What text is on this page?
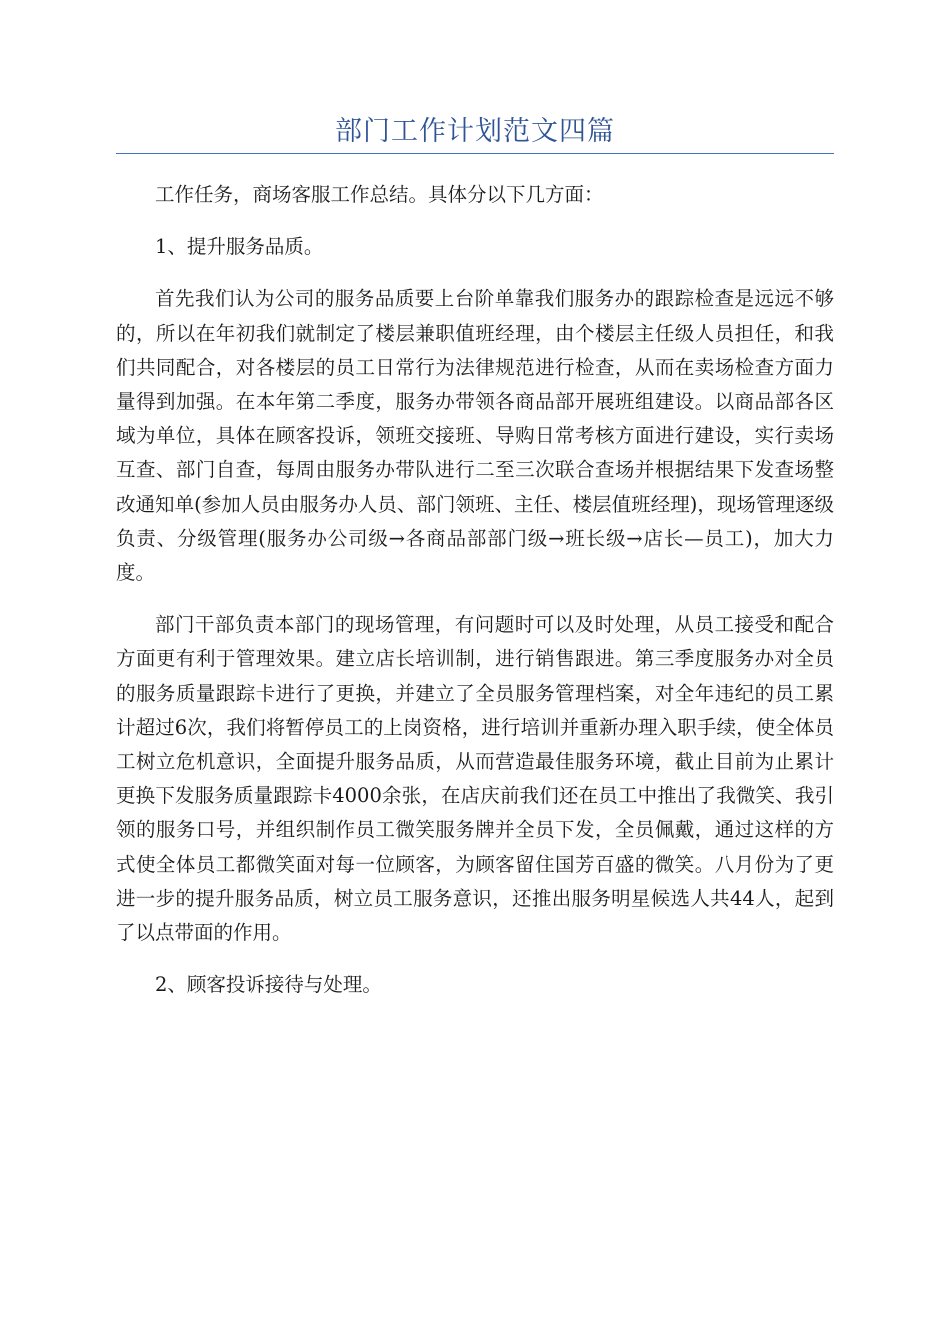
部门工作计划范文四篇

工作任务，商场客服工作总结。具体分以下几方面：

1、提升服务品质。

首先我们认为公司的服务品质要上台阶单靠我们服务办的跟踪检查是远远不够的，所以在年初我们就制定了楼层兼职值班经理，由个楼层主任级人员担任，和我们共同配合，对各楼层的员工日常行为法律规范进行检查，从而在卖场检查方面力量得到加强。在本年第二季度，服务办带领各商品部开展班组建设。以商品部各区域为单位，具体在顾客投诉，领班交接班、导购日常考核方面进行建设，实行卖场互查、部门自查，每周由服务办带队进行二至三次联合查场并根据结果下发查场整改通知单(参加人员由服务办人员、部门领班、主任、楼层值班经理)，现场管理逐级负责、分级管理(服务办公司级→各商品部部门级→班长级→店长—员工)，加大力度。

部门干部负责本部门的现场管理，有问题时可以及时处理，从员工接受和配合方面更有利于管理效果。建立店长培训制，进行销售跟进。第三季度服务办对全员的服务质量跟踪卡进行了更换，并建立了全员服务管理档案，对全年违纪的员工累计超过6次，我们将暂停员工的上岗资格，进行培训并重新办理入职手续，使全体员工树立危机意识，全面提升服务品质，从而营造最佳服务环境，截止目前为止累计更换下发服务质量跟踪卡4000余张，在店庆前我们还在员工中推出了我微笑、我引领的服务口号，并组织制作员工微笑服务牌并全员下发，全员佩戴，通过这样的方式使全体员工都微笑面对每一位顾客，为顾客留住国芳百盛的微笑。八月份为了更进一步的提升服务品质，树立员工服务意识，还推出服务明星候选人共44人，起到了以点带面的作用。

2、顾客投诉接待与处理。
